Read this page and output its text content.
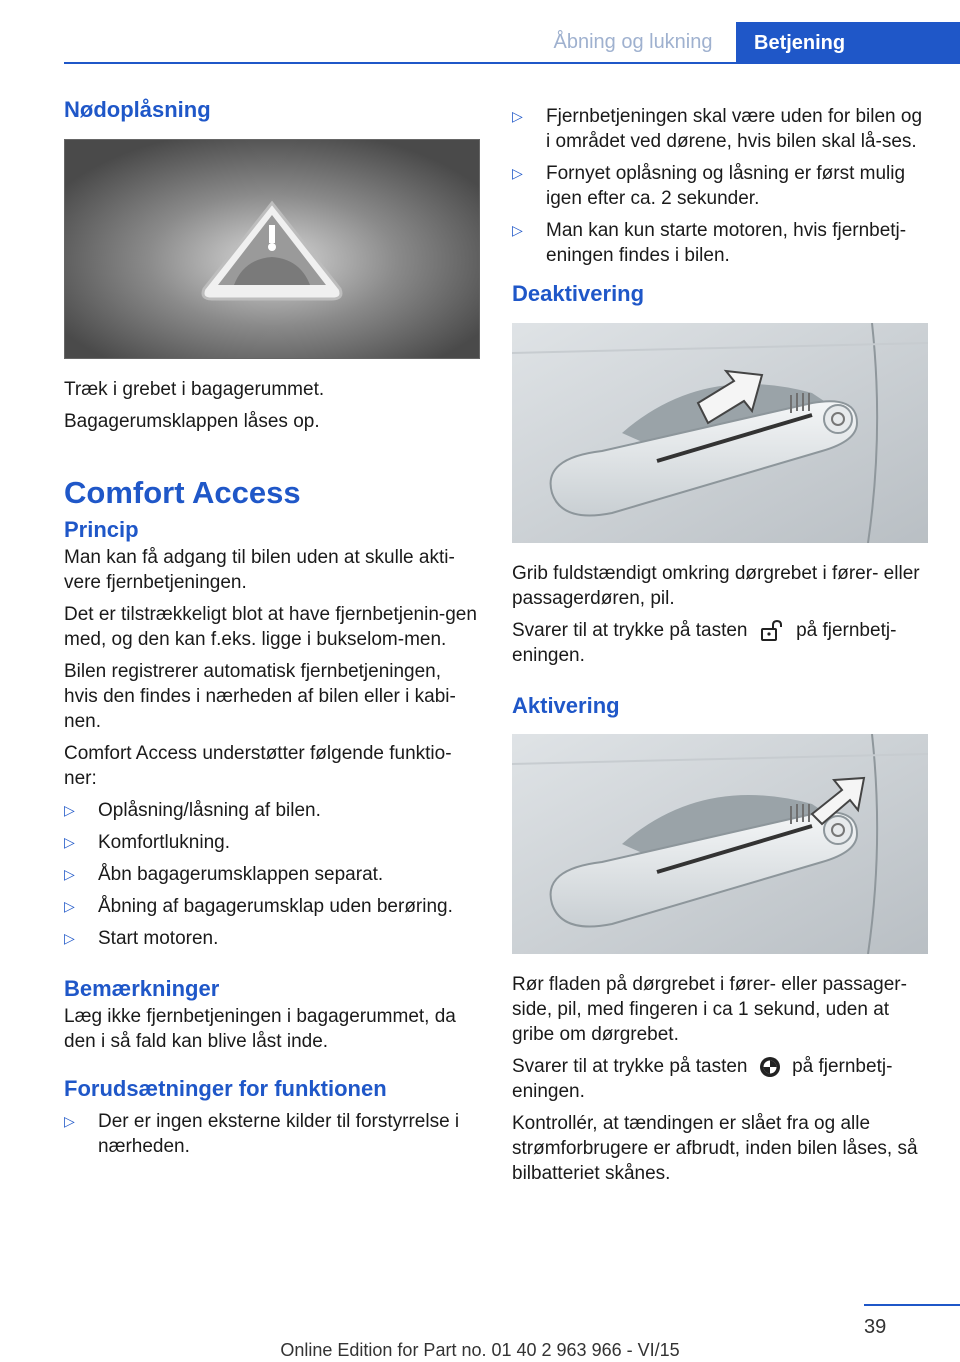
Åbning og lukning	Betjening
Nødoplåsning

Træk i grebet i bagagerummet.

Bagagerumsklappen låses op.

Comfort Access
Princip

Man kan få adgang til bilen uden at skulle akti-vere fjernbetjeningen.

Det er tilstrækkeligt blot at have fjernbetjenin-gen med, og den kan f.eks. ligge i bukselom-men.

Bilen registrerer automatisk fjernbetjeningen, hvis den findes i nærheden af bilen eller i kabi-nen.

Comfort Access understøtter følgende funktio-ner:

▷ Oplåsning/låsning af bilen.
▷ Komfortlukning.
▷ Åbn bagagerumsklappen separat.
▷ Åbning af bagagerumsklap uden berøring.
▷ Start motoren.
Bemærkninger

Læg ikke fjernbetjeningen i bagagerummet, da den i så fald kan blive låst inde.

Forudsætninger for funktionen
▷ Der er ingen eksterne kilder til forstyrrelse i nærheden.
▷ Fjernbetjeningen skal være uden for bilen og i området ved dørene, hvis bilen skal lå-ses.
▷ Fornyet oplåsning og låsning er først mulig igen efter ca. 2 sekunder.
▷ Man kan kun starte motoren, hvis fjernbetj-eningen findes i bilen.
Deaktivering

Grib fuldstændigt omkring dørgrebet i fører- eller passagerdøren, pil.

Svarer til at trykke på tasten	på fjernbetj-eningen.

Aktivering

Rør fladen på dørgrebet i fører- eller passager-side, pil, med fingeren i ca 1 sekund, uden at gribe om dørgrebet.

Svarer til at trykke på tasten på fjernbetj-eningen.

Kontrollér, at tændingen er slået fra og alle strømforbrugere er afbrudt, inden bilen låses, så bilbatteriet skånes.

39
Online Edition for Part no. 01 40 2 963 966 - VI/15
